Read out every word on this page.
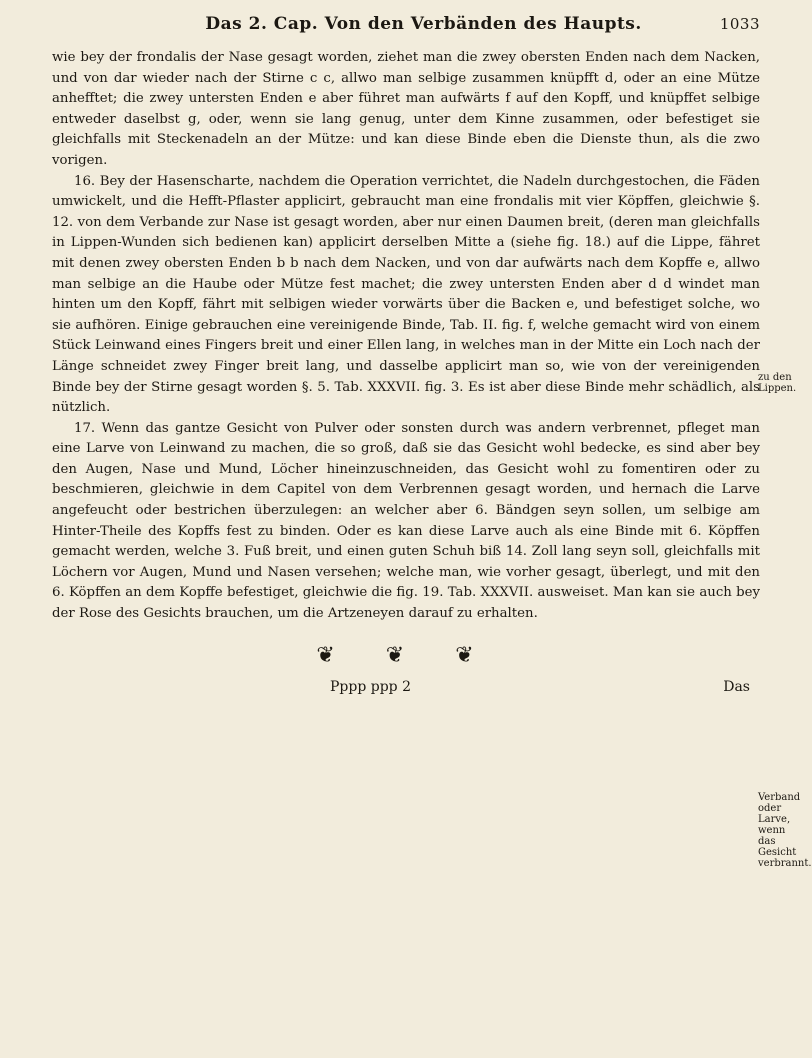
Das 2. Cap. Von den Verbänden des Haupts.	1033

wie bey der frondalis der Nase gesagt worden, ziehet man die zwey obersten Enden nach dem Nacken, und von dar wieder nach der Stirne c c, allwo man selbige zusammen knüpfft d, oder an eine Mütze anhefftet; die zwey untersten Enden e aber führet man aufwärts f auf den Kopff, und knüpffet selbige entweder daselbst g, oder, wenn sie lang genug, unter dem Kinne zusammen, oder befestiget sie gleichfalls mit Steckenadeln an der Mütze: und kan diese Binde eben die Dienste thun, als die zwo vorigen.

16. Bey der Hasenscharte, nachdem die Operation verrichtet, die Nadeln durchgestochen, die Fäden umwickelt, und die Hefft-Pflaster applicirt, gebraucht man eine frondalis mit vier Köpffen, gleichwie §. 12. von dem Verbande zur Nase ist gesagt worden, aber nur einen Daumen breit, (deren man gleichfalls in Lippen-Wunden sich bedienen kan) applicirt derselben Mitte a (siehe fig. 18.) auf die Lippe, fähret mit denen zwey obersten Enden b b nach dem Nacken, und von dar aufwärts nach dem Kopffe e, allwo man selbige an die Haube oder Mütze fest machet; die zwey untersten Enden aber d d windet man hinten um den Kopff, fährt mit selbigen wieder vorwärts über die Backen e, und befestiget solche, wo sie aufhören. Einige gebrauchen eine vereinigende Binde, Tab. II. fig. f, welche gemacht wird von einem Stück Leinwand eines Fingers breit und einer Ellen lang, in welches man in der Mitte ein Loch nach der Länge schneidet zwey Finger breit lang, und dasselbe applicirt man so, wie von der vereinigenden Binde bey der Stirne gesagt worden §. 5. Tab. XXXVII. fig. 3. Es ist aber diese Binde mehr schädlich, als nützlich.

17. Wenn das gantze Gesicht von Pulver oder sonsten durch was andern verbrennet, pfleget man eine Larve von Leinwand zu machen, die so groß, daß sie das Gesicht wohl bedecke, es sind aber bey den Augen, Nase und Mund, Löcher hineinzuschneiden, das Gesicht wohl zu fomentiren oder zu beschmieren, gleichwie in dem Capitel von dem Verbrennen gesagt worden, und hernach die Larve angefeucht oder bestrichen überzulegen: an welcher aber 6. Bändgen seyn sollen, um selbige am Hinter-Theile des Kopffs fest zu binden. Oder es kan diese Larve auch als eine Binde mit 6. Köpffen gemacht werden, welche 3. Fuß breit, und einen guten Schuh biß 14. Zoll lang seyn soll, gleichfalls mit Löchern vor Augen, Mund und Nasen versehen; welche man, wie vorher gesagt, überlegt, und mit den 6. Köpffen an dem Kopffe befestiget, gleichwie die fig. 19. Tab. XXXVII. ausweiset. Man kan sie auch bey der Rose des Gesichts brauchen, um die Artzeneyen darauf zu erhalten.

zu den Lippen.
Verband oder Larve, wenn das Gesicht verbrannt.
❦ ❦ ❦
Pppp ppp 2	Das
